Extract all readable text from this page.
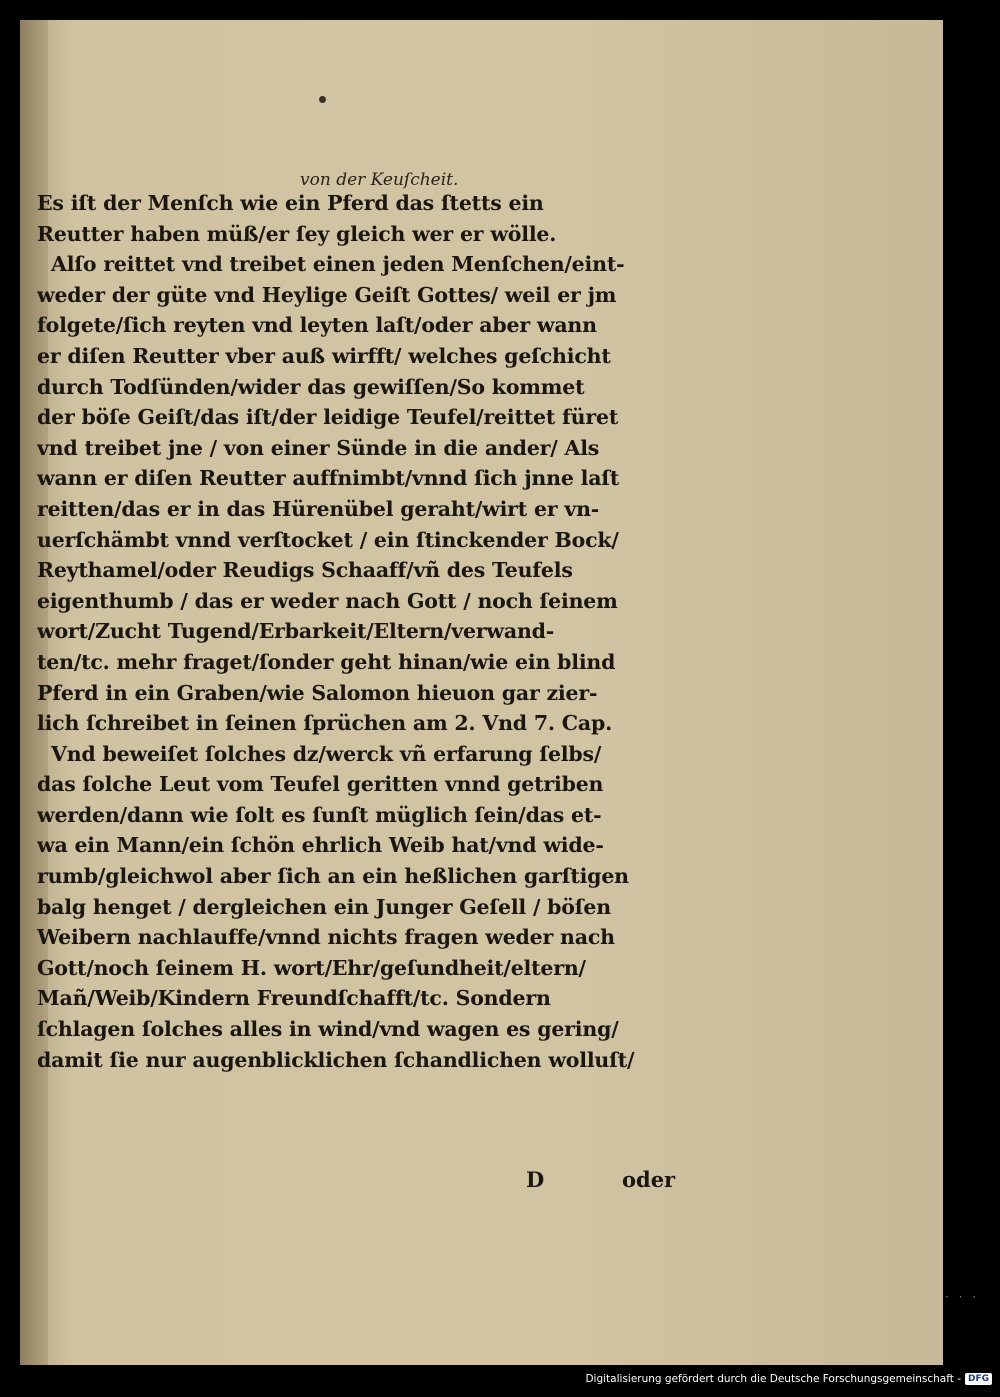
von der Keuſcheit.
Es iſt der Menſch wie ein Pferd das ſtetts ein
Reutter haben müß/er ſey gleich wer er wölle.
Alſo reittet vnd treibet einen jeden Menſchen/eint-
weder der güte vnd Heylige Geiſt Gottes/ weil er jm
folgete/ſich reyten vnd leyten laſt/oder aber wann
er diſen Reutter vber auß wirfft/ welches geſchicht
durch Todſünden/wider das gewiſſen/So kommet
der böſe Geiſt/das iſt/der leidige Teufel/reittet füret
vnd treibet jne / von einer Sünde in die ander/ Als
wann er diſen Reutter auffnimbt/vnnd ſich jnne laſt
reitten/das er in das Hürenübel geraht/wirt er vn-
uerſchämbt vnnd verſtocket / ein ſtinckender Bock/
Reythamel/oder Reudigs Schaaff/vñ des Teufels
eigenthumb / das er weder nach Gott / noch ſeinem
wort/Zucht Tugend/Erbarkeit/Eltern/verwand-
ten/tc. mehr fraget/ſonder geht hinan/wie ein blind
Pferd in ein Graben/wie Salomon hieuon gar zier-
lich ſchreibet in ſeinen ſprüchen am 2. Vnd 7. Cap.
Vnd beweiſet ſolches dz/werck vñ erfarung ſelbs/
das ſolche Leut vom Teufel geritten vnnd getriben
werden/dann wie ſolt es ſunſt müglich ſein/das et-
wa ein Mann/ein ſchön ehrlich Weib hat/vnd wide-
rumb/gleichwol aber ſich an ein heßlichen garſtigen
balg henget / dergleichen ein Junger Geſell / böſen
Weibern nachlauffe/vnnd nichts fragen weder nach
Gott/noch ſeinem H. wort/Ehr/geſundheit/eltern/
Mañ/Weib/Kindern Freundſchafft/tc. Sondern
ſchlagen ſolches alles in wind/vnd wagen es gering/
damit ſie nur augenblicklichen ſchandlichen wolluſt/
D	oder
· · ·
Digitalisierung gefördert durch die Deutsche Forschungsgemeinschaft - DFG
